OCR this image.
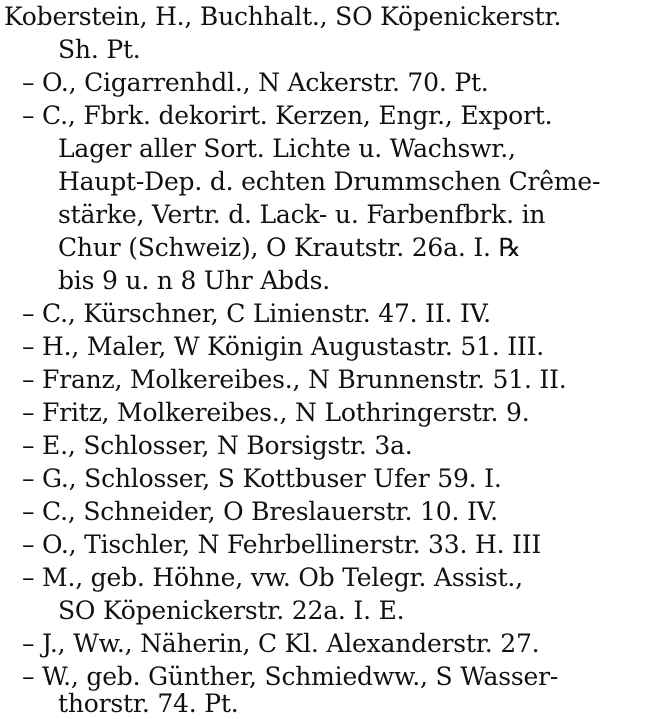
Koberstein, H., Buchhalt., SO Köpenickerstr.
Sh. Pt.
– O., Cigarrenhdl., N Ackerstr. 70. Pt.
– C., Fbrk. dekorirt. Kerzen, Engr., Export.
Lager aller Sort. Lichte u. Wachswr.,
Haupt-Dep. d. echten Drummschen Crême-
stärke, Vertr. d. Lack- u. Farbenfbrk. in
Chur (Schweiz), O Krautstr. 26a. I. ℞
bis 9 u. n 8 Uhr Abds.
– C., Kürschner, C Linienstr. 47. II. IV.
– H., Maler, W Königin Augustastr. 51. III.
– Franz, Molkereibes., N Brunnenstr. 51. II.
– Fritz, Molkereibes., N Lothringerstr. 9.
– E., Schlosser, N Borsigstr. 3a.
– G., Schlosser, S Kottbuser Ufer 59. I.
– C., Schneider, O Breslauerstr. 10. IV.
– O., Tischler, N Fehrbellinerstr. 33. H. III
– M., geb. Höhne, vw. Ob Telegr. Assist.,
SO Köpenickerstr. 22a. I. E.
– J., Ww., Näherin, C Kl. Alexanderstr. 27.
– W., geb. Günther, Schmiedww., S Wasser-
thorstr. 74. Pt.
